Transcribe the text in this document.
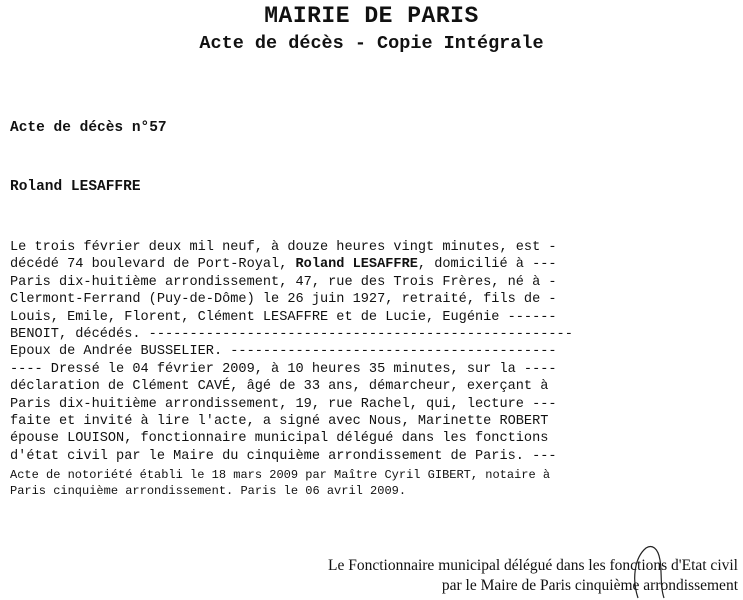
MAIRIE DE PARIS
Acte de décès - Copie Intégrale
Acte de décès n°57
Roland LESAFFRE
Le trois février deux mil neuf, à douze heures vingt minutes, est -
décédé 74 boulevard de Port-Royal, Roland LESAFFRE, domicilié à ---
Paris dix-huitième arrondissement, 47, rue des Trois Frères, né à -
Clermont-Ferrand (Puy-de-Dôme) le 26 juin 1927, retraité, fils de -
Louis, Emile, Florent, Clément LESAFFRE et de Lucie, Eugénie ------
BENOIT, décédés. ----------------------------------------------------
Epoux de Andrée BUSSELIER. ----------------------------------------
---- Dressé le 04 février 2009, à 10 heures 35 minutes, sur la ----
déclaration de Clément CAVÉ, âgé de 33 ans, démarcheur, exerçant à
Paris dix-huitième arrondissement, 19, rue Rachel, qui, lecture ---
faite et invité à lire l'acte, a signé avec Nous, Marinette ROBERT
épouse LOUISON, fonctionnaire municipal délégué dans les fonctions
d'état civil par le Maire du cinquième arrondissement de Paris. ---
Acte de notoriété établi le 18 mars 2009 par Maître Cyril GIBERT, notaire à
Paris cinquième arrondissement. Paris le 06 avril 2009.
Le Fonctionnaire municipal délégué dans les fonctions d'Etat civil
par le Maire de Paris cinquième arrondissement
